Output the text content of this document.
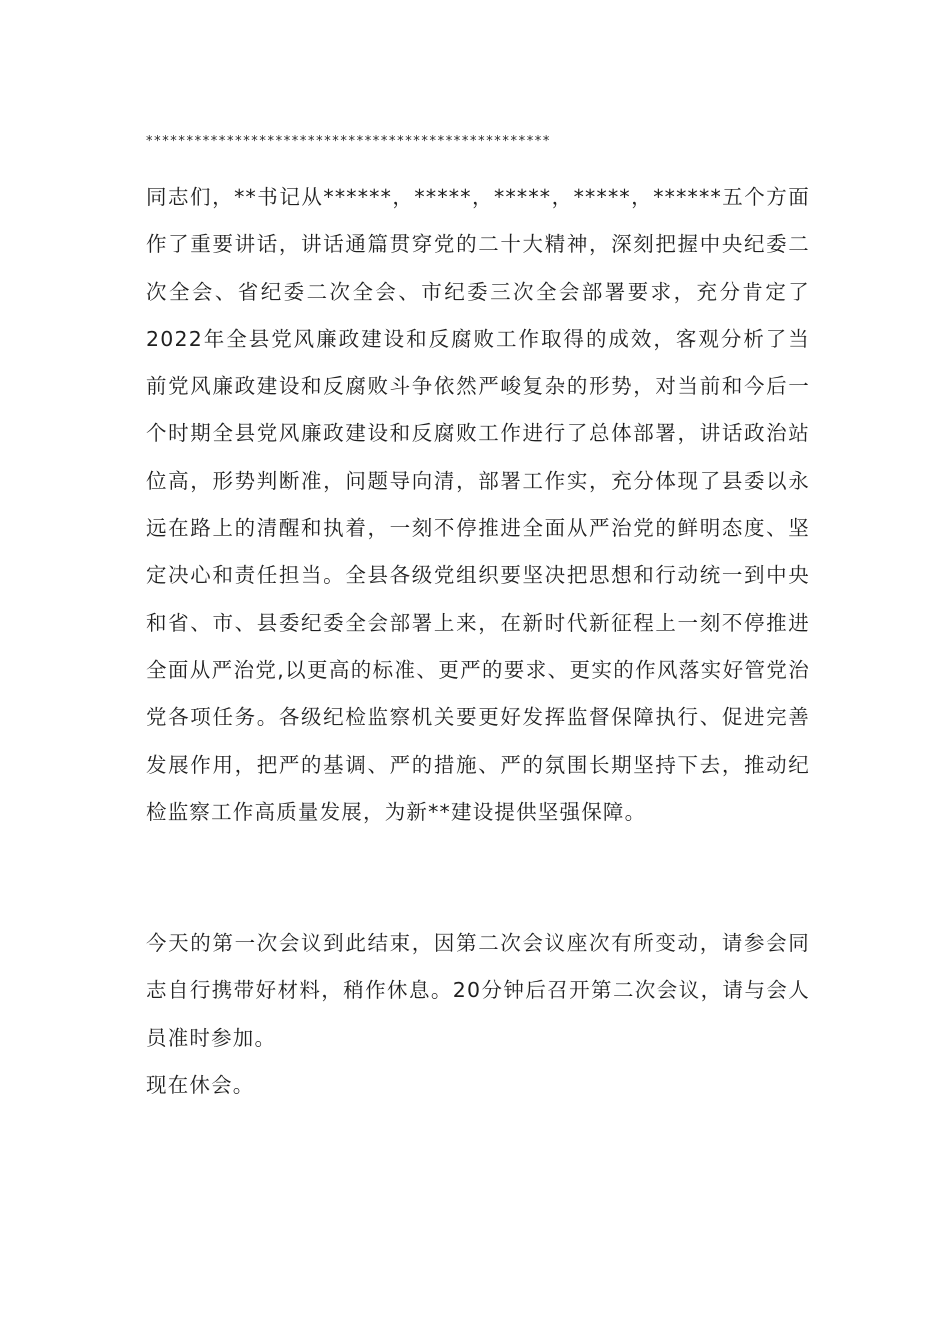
**************************************************

同志们，**书记从******，*****，*****，*****，******五个方面作了重要讲话，讲话通篇贯穿党的二十大精神，深刻把握中央纪委二次全会、省纪委二次全会、市纪委三次全会部署要求，充分肯定了2022年全县党风廉政建设和反腐败工作取得的成效，客观分析了当前党风廉政建设和反腐败斗争依然严峻复杂的形势，对当前和今后一个时期全县党风廉政建设和反腐败工作进行了总体部署，讲话政治站位高，形势判断准，问题导向清，部署工作实，充分体现了县委以永远在路上的清醒和执着，一刻不停推进全面从严治党的鲜明态度、坚定决心和责任担当。全县各级党组织要坚决把思想和行动统一到中央和省、市、县委纪委全会部署上来，在新时代新征程上一刻不停推进全面从严治党,以更高的标准、更严的要求、更实的作风落实好管党治党各项任务。各级纪检监察机关要更好发挥监督保障执行、促进完善发展作用，把严的基调、严的措施、严的氛围长期坚持下去，推动纪检监察工作高质量发展，为新**建设提供坚强保障。

今天的第一次会议到此结束，因第二次会议座次有所变动，请参会同志自行携带好材料，稍作休息。20分钟后召开第二次会议，请与会人员准时参加。

现在休会。
